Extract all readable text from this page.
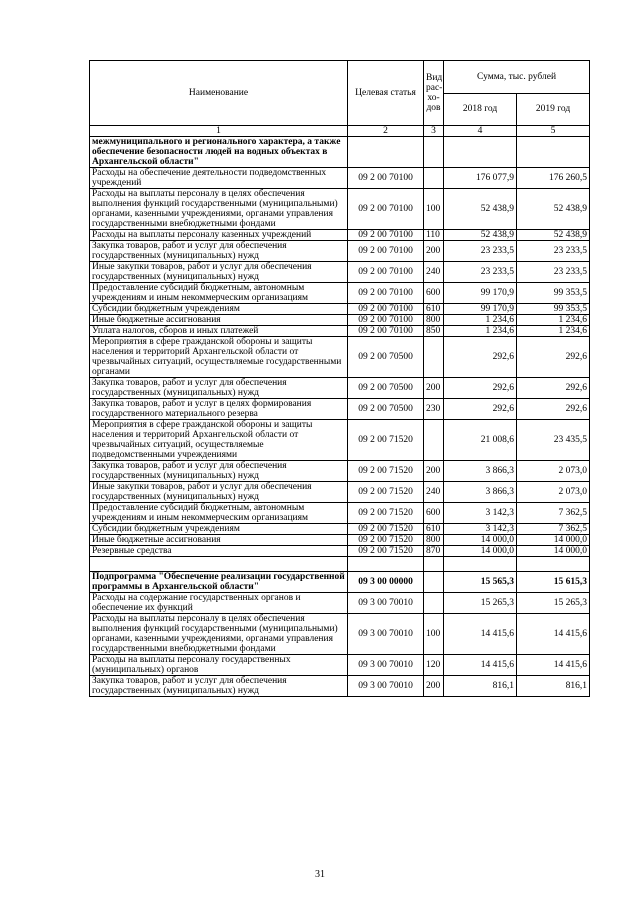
Наименование	Целевая статья	Вид рас-хо-дов	Сумма, тыс. рублей	
			2018 год	2019 год
1	2	3	4	5
межмуниципального и регионального характера, а также обеспечение безопасности людей на водных объектах в Архангельской области"				
Расходы на обеспечение деятельности подведомственных учреждений	09 2 00 70100		176 077,9	176 260,5
Расходы на выплаты персоналу в целях обеспечения выполнения функций государственными (муниципальными) органами, казенными учреждениями, органами управления государственными внебюджетными фондами	09 2 00 70100	100	52 438,9	52 438,9
Расходы на выплаты персоналу казенных учреждений	09 2 00 70100	110	52 438,9	52 438,9
Закупка товаров, работ и услуг для обеспечения государственных (муниципальных) нужд	09 2 00 70100	200	23 233,5	23 233,5
Иные закупки товаров, работ и услуг для обеспечения государственных (муниципальных) нужд	09 2 00 70100	240	23 233,5	23 233,5
Предоставление субсидий бюджетным, автономным учреждениям и иным некоммерческим организациям	09 2 00 70100	600	99 170,9	99 353,5
Субсидии бюджетным учреждениям	09 2 00 70100	610	99 170,9	99 353,5
Иные бюджетные ассигнования	09 2 00 70100	800	1 234,6	1 234,6
Уплата налогов, сборов и иных платежей	09 2 00 70100	850	1 234,6	1 234,6
Мероприятия в сфере гражданской обороны и защиты населения и территорий Архангельской области от чрезвычайных ситуаций, осуществляемые государственными органами	09 2 00 70500		292,6	292,6
Закупка товаров, работ и услуг для обеспечения государственных (муниципальных) нужд	09 2 00 70500	200	292,6	292,6
Закупка товаров, работ и услуг в целях формирования государственного материального резерва	09 2 00 70500	230	292,6	292,6
Мероприятия в сфере гражданской обороны и защиты населения и территорий Архангельской области от чрезвычайных ситуаций, осуществляемые подведомственными учреждениями	09 2 00 71520		21 008,6	23 435,5
Закупка товаров, работ и услуг для обеспечения государственных (муниципальных) нужд	09 2 00 71520	200	3 866,3	2 073,0
Иные закупки товаров, работ и услуг для обеспечения государственных (муниципальных) нужд	09 2 00 71520	240	3 866,3	2 073,0
Предоставление субсидий бюджетным, автономным учреждениям и иным некоммерческим организациям	09 2 00 71520	600	3 142,3	7 362,5
Субсидии бюджетным учреждениям	09 2 00 71520	610	3 142,3	7 362,5
Иные бюджетные ассигнования	09 2 00 71520	800	14 000,0	14 000,0
Резервные средства	09 2 00 71520	870	14 000,0	14 000,0

Подпрограмма "Обеспечение реализации государственной программы в Архангельской области"	09 3 00 00000		15 565,3	15 615,3
Расходы на содержание государственных органов и обеспечение их функций	09 3 00 70010		15 265,3	15 265,3
Расходы на выплаты персоналу в целях обеспечения выполнения функций государственными (муниципальными) органами, казенными учреждениями, органами управления государственными внебюджетными фондами	09 3 00 70010	100	14 415,6	14 415,6
Расходы на выплаты персоналу государственных (муниципальных) органов	09 3 00 70010	120	14 415,6	14 415,6
Закупка товаров, работ и услуг для обеспечения государственных (муниципальных) нужд	09 3 00 70010	200	816,1	816,1
31
